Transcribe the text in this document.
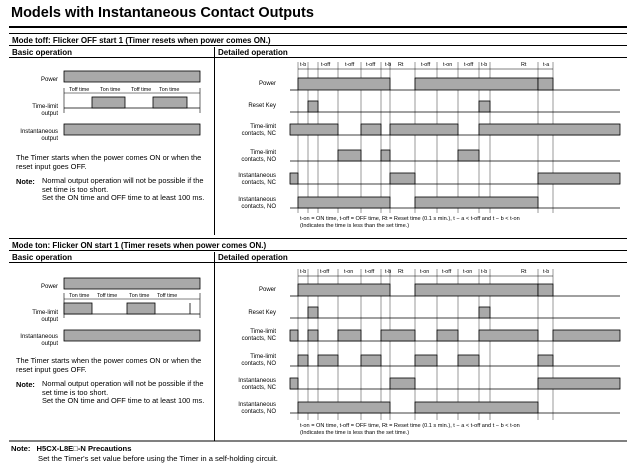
Models with Instantaneous Contact Outputs
Mode toff: Flicker OFF start 1 (Timer resets when power comes ON.)
Basic operation	Detailed operation
Power
Toff time Ton time Toff time Ton time
Time-limit
output
Instantaneous
output
t-b	t-off	t-off t-off t-b Rt	t-off t-on t-off t-b	Rt	t-a
Power
Reset Key
Time-limit
contacts, NC
Time-limit
contacts, NO
Instantaneous
contacts, NC
Instantaneous
contacts, NO
Power
Ton time Toff time Ton time Toff time
Time-limit
output
Instantaneous
output
t-b	t-off	t-on t-off t-b Rt	t-on t-off t-on t-b	Rt	t-b
Power
Reset Key
Time-limit
contacts, NC
Time-limit
contacts, NO
Instantaneous
contacts, NC
Instantaneous
contacts, NO
The Timer starts when the power comes ON or when the reset input goes OFF.
Note: Normal output operation will not be possible if the set time is too short.
Set the ON time and OFF time to at least 100 ms.
t-on = ON time, t-off = OFF time, Rt = Reset time (0.1 s min.), t − a < t-off and t − b < t-on
(Indicates the time is less than the set time.)
Mode ton: Flicker ON start 1 (Timer resets when power comes ON.)
Basic operation	Detailed operation
The Timer starts when the power comes ON or when the reset input goes OFF.
Note: Normal output operation will not be possible if the set time is too short.
Set the ON time and OFF time to at least 100 ms.
t-on = ON time, t-off = OFF time, Rt = Reset time (0.1 s min.), t − a < t-off and t − b < t-on
(Indicates the time is less than the set time.)
Note: H5CX-L8E□-N Precautions
Set the Timer's set value before using the Timer in a self-holding circuit.
